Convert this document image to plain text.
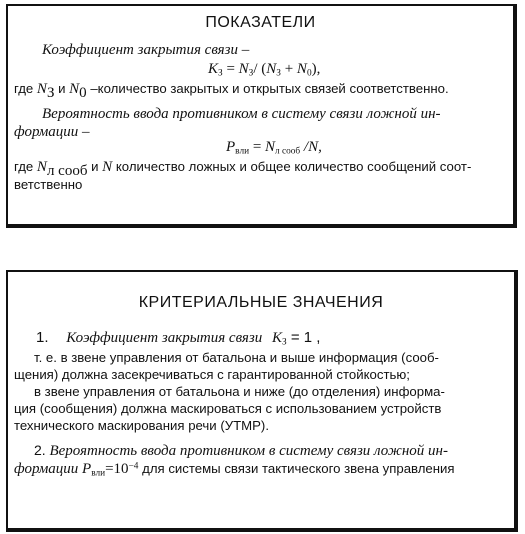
ПОКАЗАТЕЛИ
Коэффициент закрытия связи –
$K_З = N_З/$ $(N_З + N_0)$,
где $N_З$ и $N_0$ –количество закрытых и открытых связей соответственно.
Вероятность ввода противником в систему связи ложной ин-
формации –
$P_{вли} = N_{л сооб}$ /N,
где $N_{л сооб}$ и N количество ложных и общее количество сообщений соот-
ветственно
КРИТЕРИАЛЬНЫЕ ЗНАЧЕНИЯ
1. Коэффициент закрытия связи $K_З = 1$ ,
т. е. в звене управления от батальона и выше информация (сооб-
щения) должна засекречиваться с гарантированной стойкостью;
в звене управления от батальона и ниже (до отделения) информа-
ция (сообщения) должна маскироваться с использованием устройств
технического маскирования речи (УТМР).
2. Вероятность ввода противником в систему связи ложной ин-
формации $P_{вли}=10^{-4}$ для системы связи тактического звена управления
